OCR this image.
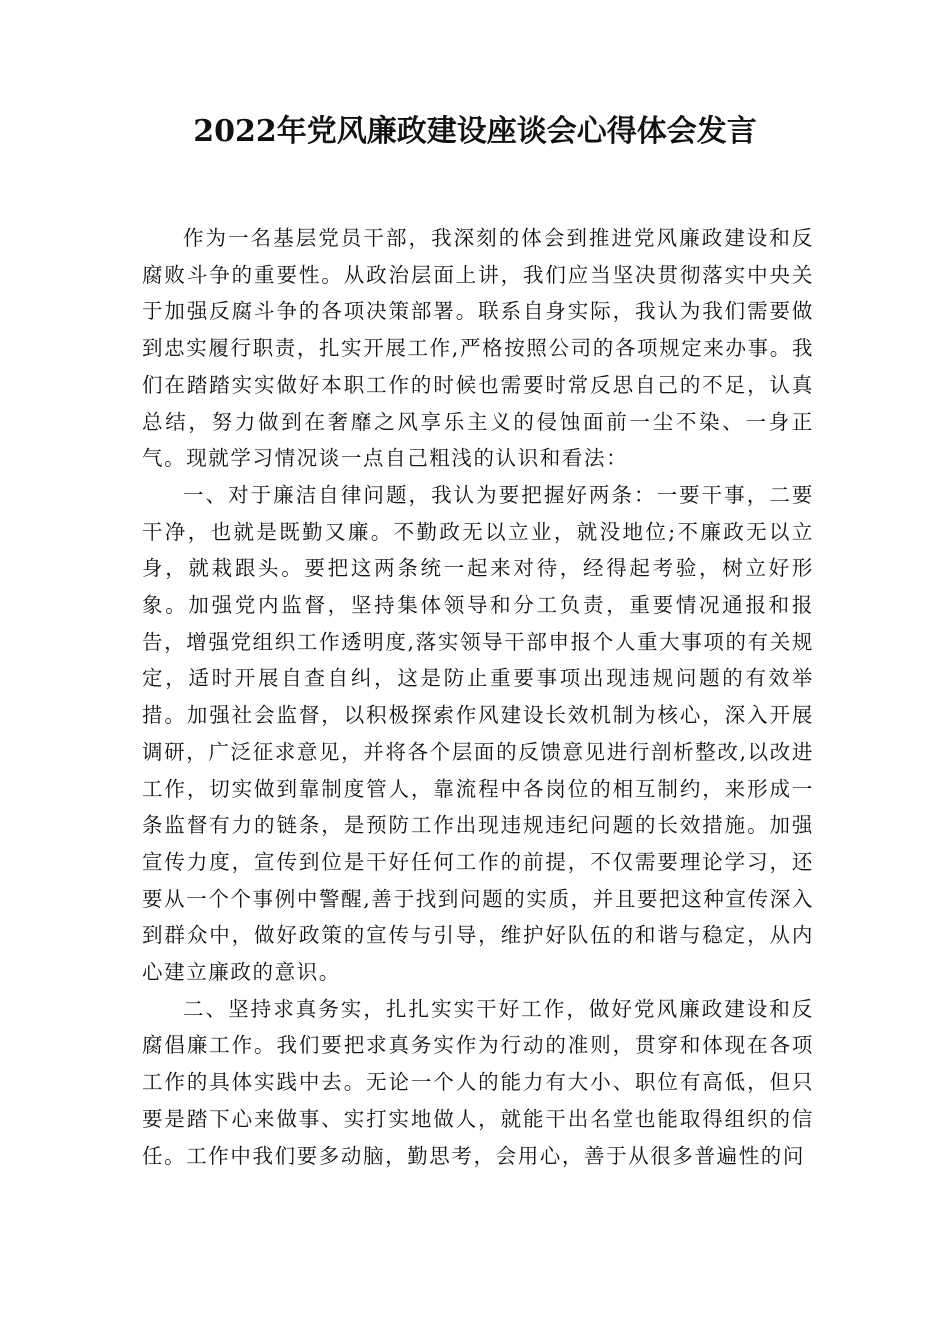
2022年党风廉政建设座谈会心得体会发言

作为一名基层党员干部，我深刻的体会到推进党风廉政建设和反腐败斗争的重要性。从政治层面上讲，我们应当坚决贯彻落实中央关于加强反腐斗争的各项决策部署。联系自身实际，我认为我们需要做到忠实履行职责，扎实开展工作,严格按照公司的各项规定来办事。我们在踏踏实实做好本职工作的时候也需要时常反思自己的不足，认真总结，努力做到在奢靡之风享乐主义的侵蚀面前一尘不染、一身正气。现就学习情况谈一点自己粗浅的认识和看法：

一、对于廉洁自律问题，我认为要把握好两条：一要干事，二要干净，也就是既勤又廉。不勤政无以立业，就没地位;不廉政无以立身，就栽跟头。要把这两条统一起来对待，经得起考验，树立好形象。加强党内监督，坚持集体领导和分工负责，重要情况通报和报告，增强党组织工作透明度,落实领导干部申报个人重大事项的有关规定，适时开展自查自纠，这是防止重要事项出现违规问题的有效举措。加强社会监督，以积极探索作风建设长效机制为核心，深入开展调研，广泛征求意见，并将各个层面的反馈意见进行剖析整改,以改进工作，切实做到靠制度管人，靠流程中各岗位的相互制约，来形成一条监督有力的链条，是预防工作出现违规违纪问题的长效措施。加强宣传力度，宣传到位是干好任何工作的前提，不仅需要理论学习，还要从一个个事例中警醒,善于找到问题的实质，并且要把这种宣传深入到群众中，做好政策的宣传与引导，维护好队伍的和谐与稳定，从内心建立廉政的意识。

二、坚持求真务实，扎扎实实干好工作，做好党风廉政建设和反腐倡廉工作。我们要把求真务实作为行动的准则，贯穿和体现在各项工作的具体实践中去。无论一个人的能力有大小、职位有高低，但只要是踏下心来做事、实打实地做人，就能干出名堂也能取得组织的信任。工作中我们要多动脑，勤思考，会用心，善于从很多普遍性的问
